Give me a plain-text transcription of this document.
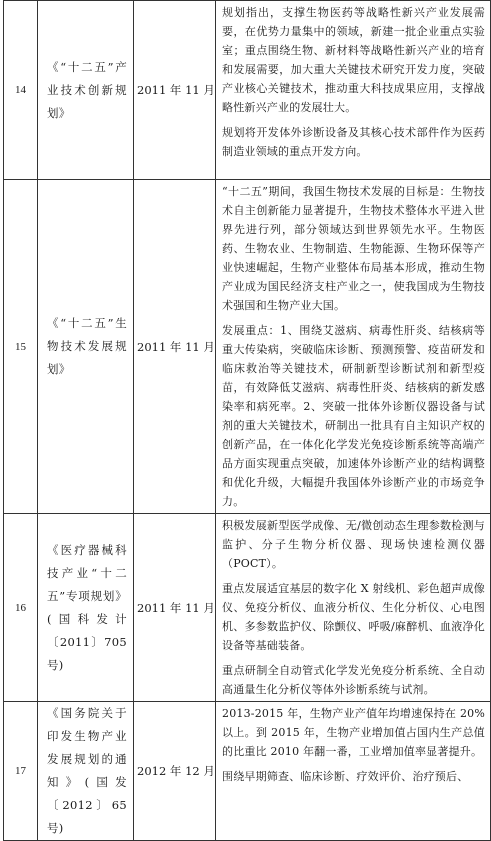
14	《“十二五”产业技术创新规划》	2011 年 11 月	规划指出，支撑生物医药等战略性新兴产业发展需要，在优势力量集中的领域，新建一批企业重点实验室；重点围绕生物、新材料等战略性新兴产业的培育和发展需要，加大重大关键技术研究开发力度，突破产业核心关键技术，推动重大科技成果应用，支撑战略性新兴产业的发展壮大。

规划将开发体外诊断设备及其核心技术部件作为医药制造业领域的重点开发方向。

15	《“十二五”生物技术发展规划》	2011 年 11 月	“十二五”期间，我国生物技术发展的目标是：生物技术自主创新能力显著提升，生物技术整体水平进入世界先进行列，部分领域达到世界领先水平。生物医药、生物农业、生物制造、生物能源、生物环保等产业快速崛起，生物产业整体布局基本形成，推动生物产业成为国民经济支柱产业之一，使我国成为生物技术强国和生物产业大国。

发展重点：1、围绕艾滋病、病毒性肝炎、结核病等重大传染病，突破临床诊断、预测预警、疫苗研发和临床救治等关键技术，研制新型诊断试剂和新型疫苗，有效降低艾滋病、病毒性肝炎、结核病的新发感染率和病死率。2、突破一批体外诊断仪器设备与试剂的重大关键技术，研制出一批具有自主知识产权的创新产品，在一体化化学发光免疫诊断系统等高端产品方面实现重点突破，加速体外诊断产业的结构调整和优化升级，大幅提升我国体外诊断产业的市场竞争力。

16	《医疗器械科技产业“十二五”专项规划》(国科发计〔2011〕705 号)	2011 年 11 月	积极发展新型医学成像、无/微创动态生理参数检测与监护、分子生物分析仪器、现场快速检测仪器（POCT）。

重点发展适宜基层的数字化 X 射线机、彩色超声成像仪、免疫分析仪、血液分析仪、生化分析仪、心电图机、多参数监护仪、除颤仪、呼吸/麻醉机、血液净化设备等基础装备。

重点研制全自动管式化学发光免疫分析系统、全自动高通量生化分析仪等体外诊断系统与试剂。

17	《国务院关于印发生物产业发展规划的通知》(国发〔2012〕65 号)	2012 年 12 月	2013-2015 年，生物产业产值年均增速保持在 20%以上。到 2015 年，生物产业增加值占国内生产总值的比重比 2010 年翻一番，工业增加值率显著提升。

围绕早期筛查、临床诊断、疗效评价、治疗预后、
